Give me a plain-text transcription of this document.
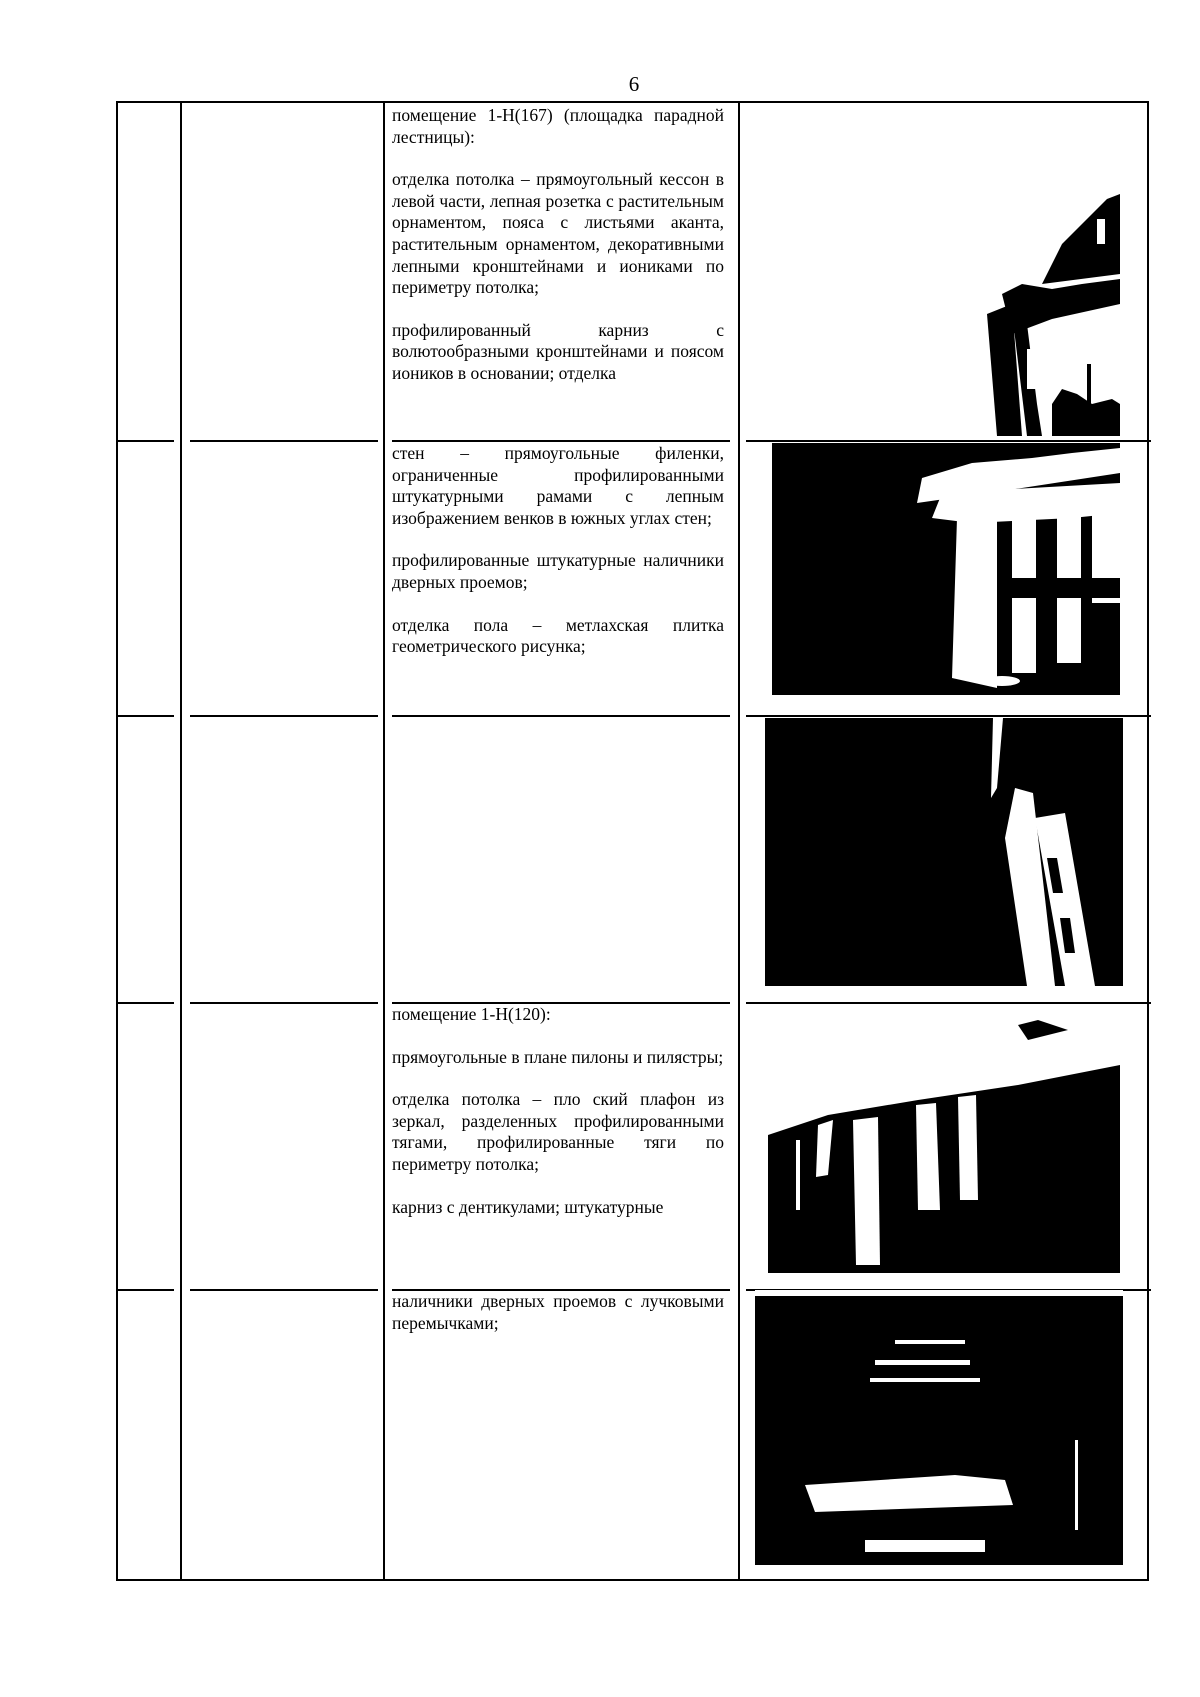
6

помещение 1-Н(167) (площадка парадной лестницы):

отделка потолка – прямоугольный кессон в левой части, лепная розетка с растительным орнаментом, пояса с листьями аканта, растительным орнаментом, декоративными лепными кронштейнами и иониками по периметру потолка;

профилированный карниз с волютообразными кронштейнами и поясом иоников в основании; отделка

стен – прямоугольные филенки, ограниченные профилированными штукатурными рамами с лепным изображением венков в южных углах стен;

профилированные штукатурные наличники дверных проемов;

отделка пола – метлахская плитка геометрического рисунка;

помещение 1-Н(120):

прямоугольные в плане пилоны и пилястры;

отделка потолка – пло ский плафон из зеркал, разделенных профилированными тягами, профилированные тяги по периметру потолка;

карниз с дентикулами; штукатурные

наличники дверных проемов с лучковыми перемычками;
